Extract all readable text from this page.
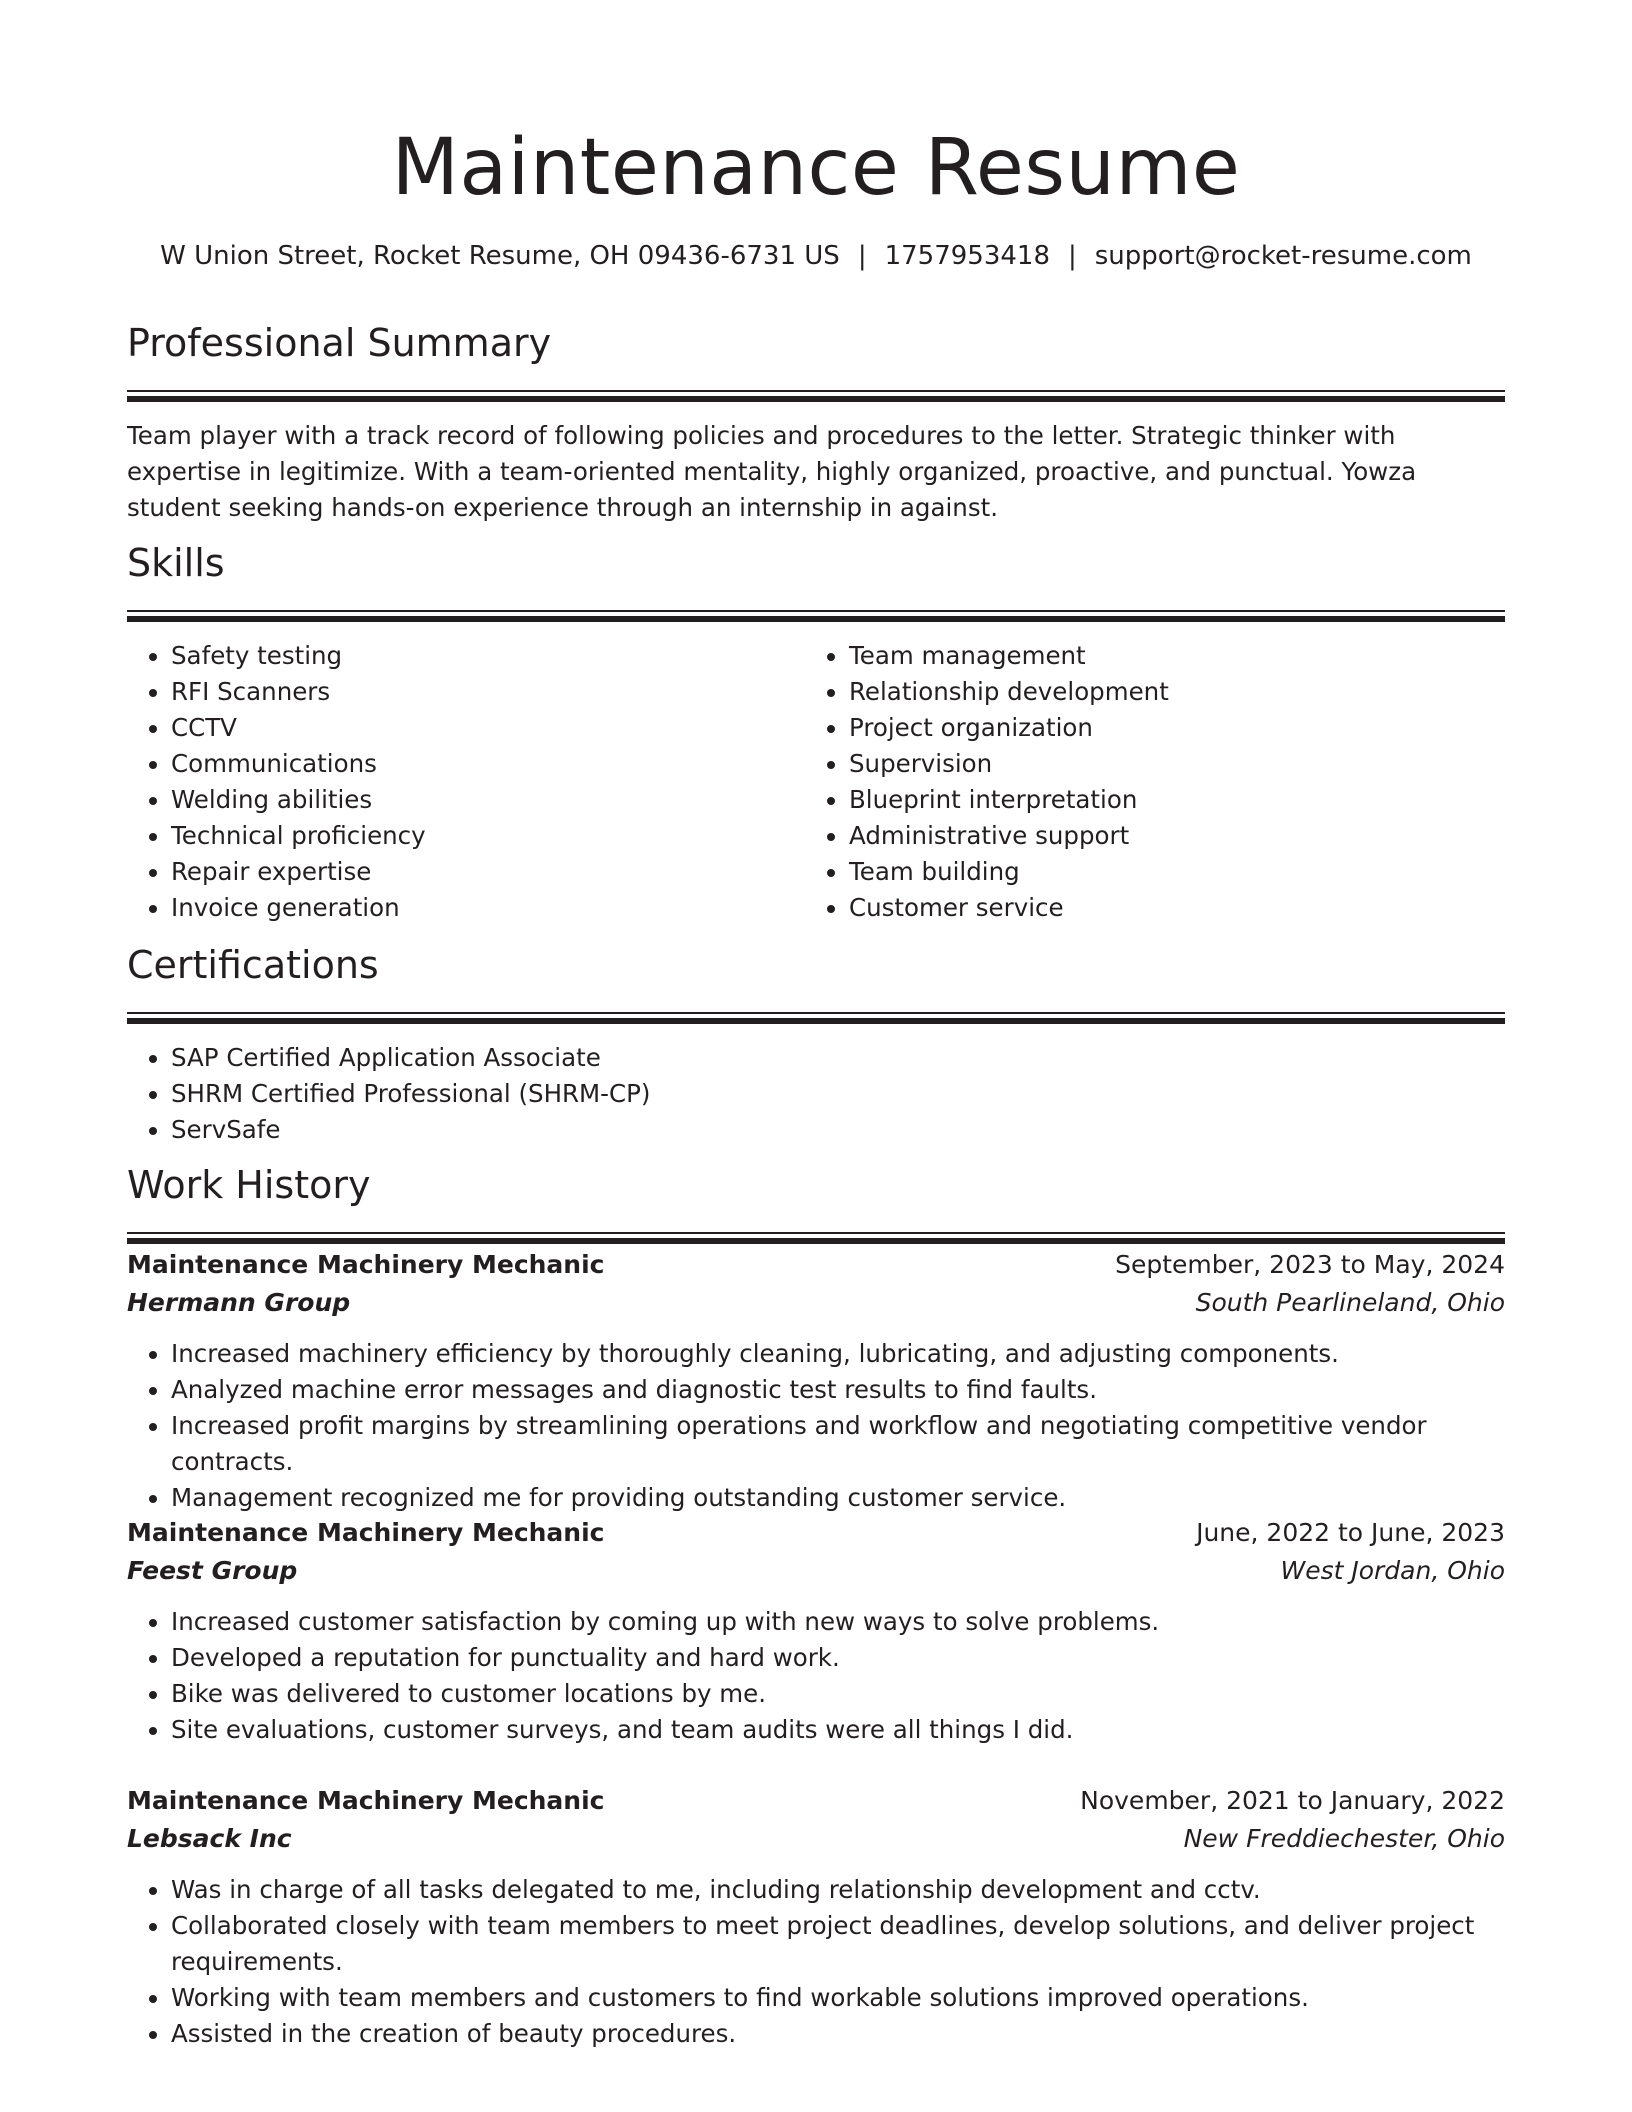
Maintenance Resume
W Union Street, Rocket Resume, OH 09436-6731 US | 1757953418 | support@rocket-resume.com
Professional Summary

Team player with a track record of following policies and procedures to the letter. Strategic thinker with expertise in legitimize. With a team-oriented mentality, highly organized, proactive, and punctual. Yowza student seeking hands-on experience through an internship in against.

Skills
• Safety testing
• RFI Scanners
• CCTV
• Communications
• Welding abilities
• Technical proficiency
• Repair expertise
• Invoice generation
• Team management
• Relationship development
• Project organization
• Supervision
• Blueprint interpretation
• Administrative support
• Team building
• Customer service
Certifications
• SAP Certified Application Associate
• SHRM Certified Professional (SHRM-CP)
• ServSafe
Work History
Maintenance Machinery Mechanic	September, 2023 to May, 2024
Hermann Group	South Pearlineland, Ohio
• Increased machinery efficiency by thoroughly cleaning, lubricating, and adjusting components.
• Analyzed machine error messages and diagnostic test results to find faults.
• Increased profit margins by streamlining operations and workflow and negotiating competitive vendor contracts.
• Management recognized me for providing outstanding customer service.
Maintenance Machinery Mechanic	June, 2022 to June, 2023
Feest Group	West Jordan, Ohio
• Increased customer satisfaction by coming up with new ways to solve problems.
• Developed a reputation for punctuality and hard work.
• Bike was delivered to customer locations by me.
• Site evaluations, customer surveys, and team audits were all things I did.
Maintenance Machinery Mechanic	November, 2021 to January, 2022
Lebsack Inc	New Freddiechester, Ohio
• Was in charge of all tasks delegated to me, including relationship development and cctv.
• Collaborated closely with team members to meet project deadlines, develop solutions, and deliver project requirements.
• Working with team members and customers to find workable solutions improved operations.
• Assisted in the creation of beauty procedures.
